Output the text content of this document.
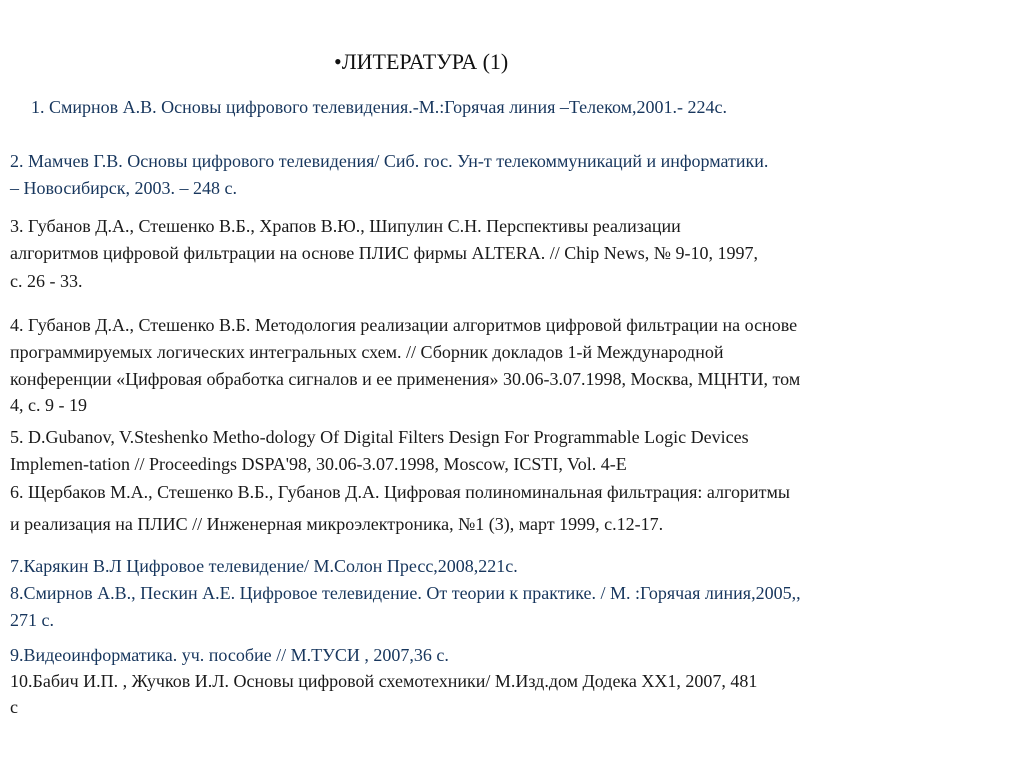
•ЛИТЕРАТУРА (1)
1. Смирнов А.В. Основы цифрового телевидения.-М.:Горячая линия –Телеком,2001.- 224с.
2. Мамчев Г.В. Основы цифрового телевидения/ Сиб. гос. Ун-т телекоммуникаций и информатики.
– Новосибирск, 2003. – 248 с.
3. Губанов Д.А., Стешенко В.Б., Храпов В.Ю., Шипулин С.Н. Перспективы реализации
алгоритмов цифровой фильтрации на основе ПЛИС фирмы ALTERA. // Chip News, № 9-10, 1997,
с. 26 - 33.
4. Губанов Д.А., Стешенко В.Б. Методология реализации алгоритмов цифровой фильтрации на основе
программируемых логических интегральных схем. // Сборник докладов 1-й Международной
конференции «Цифровая обработка сигналов и ее применения» 30.06-3.07.1998, Москва, МЦНТИ, том
4, с. 9 - 19
5. D.Gubanov, V.Steshenko Metho-dology Of Digital Filters Design For Programmable Logic Devices
Implemen-tation // Proceedings DSPA'98, 30.06-3.07.1998, Moscow, ICSTI, Vol. 4-E
6. Щербаков М.А., Стешенко В.Б., Губанов Д.А. Цифровая полиноминальная фильтрация: алгоритмы
и реализация на ПЛИС // Инженерная микроэлектроника, №1 (3), март 1999, с.12-17.
7.Карякин В.Л Цифровое телевидение/ М.Солон Пресс,2008,221с.
8.Смирнов А.В., Пескин А.Е. Цифровое телевидение. От теории к практике. / М. :Горячая линия,2005,,
271 с.
9.Видеоинформатика. уч. пособие // М.ТУСИ , 2007,36 с.
10.Бабич И.П. , Жучков И.Л. Основы цифровой схемотехники/ М.Изд.дом Додека ХХ1, 2007, 481
с
